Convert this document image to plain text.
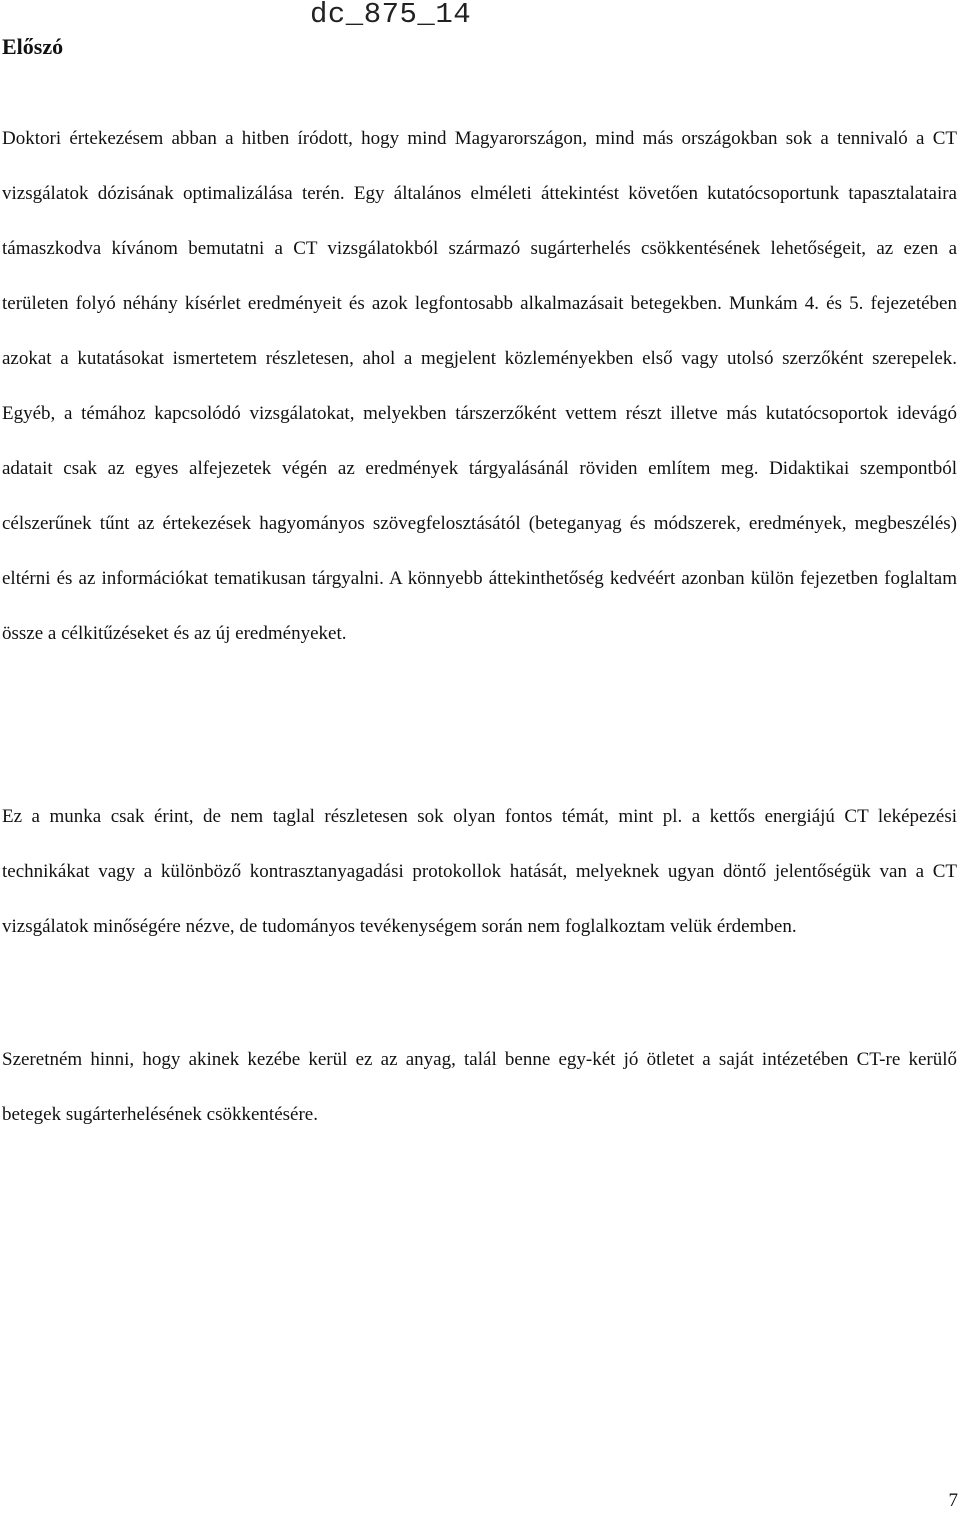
dc_875_14
Előszó

Doktori értekezésem abban a hitben íródott, hogy mind Magyarországon, mind más országokban sok a tennivaló a CT vizsgálatok dózisának optimalizálása terén. Egy általános elméleti áttekintést követően kutatócsoportunk tapasztalataira támaszkodva kívánom bemutatni a CT vizsgálatokból származó sugárterhelés csökkentésének lehetőségeit, az ezen a területen folyó néhány kísérlet eredményeit és azok legfontosabb alkalmazásait betegekben. Munkám 4. és 5. fejezetében azokat a kutatásokat ismertetem részletesen, ahol a megjelent közleményekben első vagy utolsó szerzőként szerepelek. Egyéb, a témához kapcsolódó vizsgálatokat, melyekben társzerzőként vettem részt illetve más kutatócsoportok idevágó adatait csak az egyes alfejezetek végén az eredmények tárgyalásánál röviden említem meg. Didaktikai szempontból célszerűnek tűnt az értekezések hagyományos szövegfelosztásától (beteganyag és módszerek, eredmények, megbeszélés) eltérni és az információkat tematikusan tárgyalni. A könnyebb áttekinthetőség kedvéért azonban külön fejezetben foglaltam össze a célkitűzéseket és az új eredményeket.

Ez a munka csak érint, de nem taglal részletesen sok olyan fontos témát, mint pl. a kettős energiájú CT leképezési technikákat vagy a különböző kontrasztanyagadási protokollok hatását, melyeknek ugyan döntő jelentőségük van a CT vizsgálatok minőségére nézve, de tudományos tevékenységem során nem foglalkoztam velük érdemben.

Szeretném hinni, hogy akinek kezébe kerül ez az anyag, talál benne egy-két jó ötletet a saját intézetében CT-re kerülő betegek sugárterhelésének csökkentésére.

7
